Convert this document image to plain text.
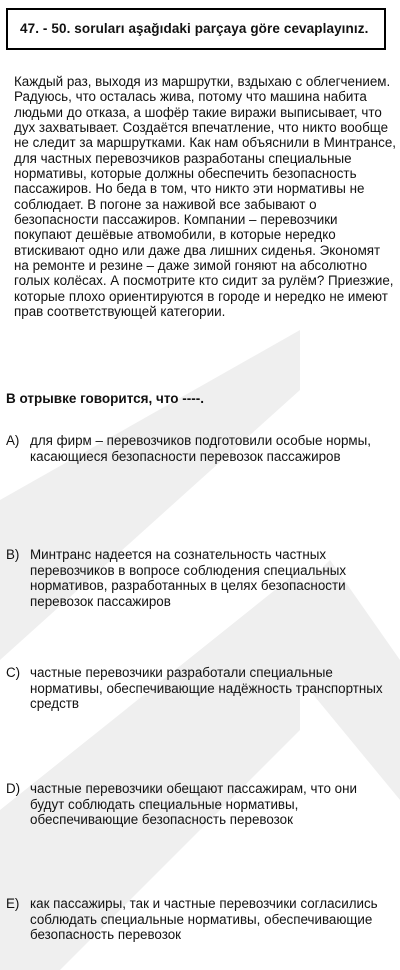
47. - 50. soruları aşağıdaki parçaya göre cevaplayınız.
Каждый раз, выходя из маршрутки, вздыхаю с облегчением. Радуюсь, что осталась жива, потому что машина набита людьми до отказа, а шофёр такие виражи выписывает, что дух захватывает. Создаётся впечатление, что никто вообще не следит за маршрутками. Как нам объяснили в Минтрансе, для частных перевозчиков разработаны специальные нормативы, которые должны обеспечить безопасность пассажиров. Но беда в том, что никто эти нормативы не соблюдает. В погоне за наживой все забывают о безопасности пассажиров. Компании – перевозчики покупают дешёвые атвомобили, в которые нередко втискивают одно или даже два лишних сиденья. Экономят на ремонте и резине – даже зимой гоняют на абсолютно голых колёсах. А посмотрите кто сидит за рулём? Приезжие, которые плохо ориентируются в городе и нередко не имеют прав соответствующей категории.
В отрывке говорится, что ----.
A) для фирм – перевозчиков подготовили особые нормы, касающиеся безопасности перевозок пассажиров
B) Минтранс надеется на сознательность частных перевозчиков в вопросе соблюдения специальных нормативов, разработанных в целях безопасности перевозок пассажиров
C) частные перевозчики разработали специальные нормативы, обеспечивающие надёжность транспортных средств
D) частные перевозчики обещают пассажирам, что они будут соблюдать специальные нормативы, обеспечивающие безопасность перевозок
E) как пассажиры, так и частные перевозчики согласились соблюдать специальные нормативы, обеспечивающие безопасность перевозок
